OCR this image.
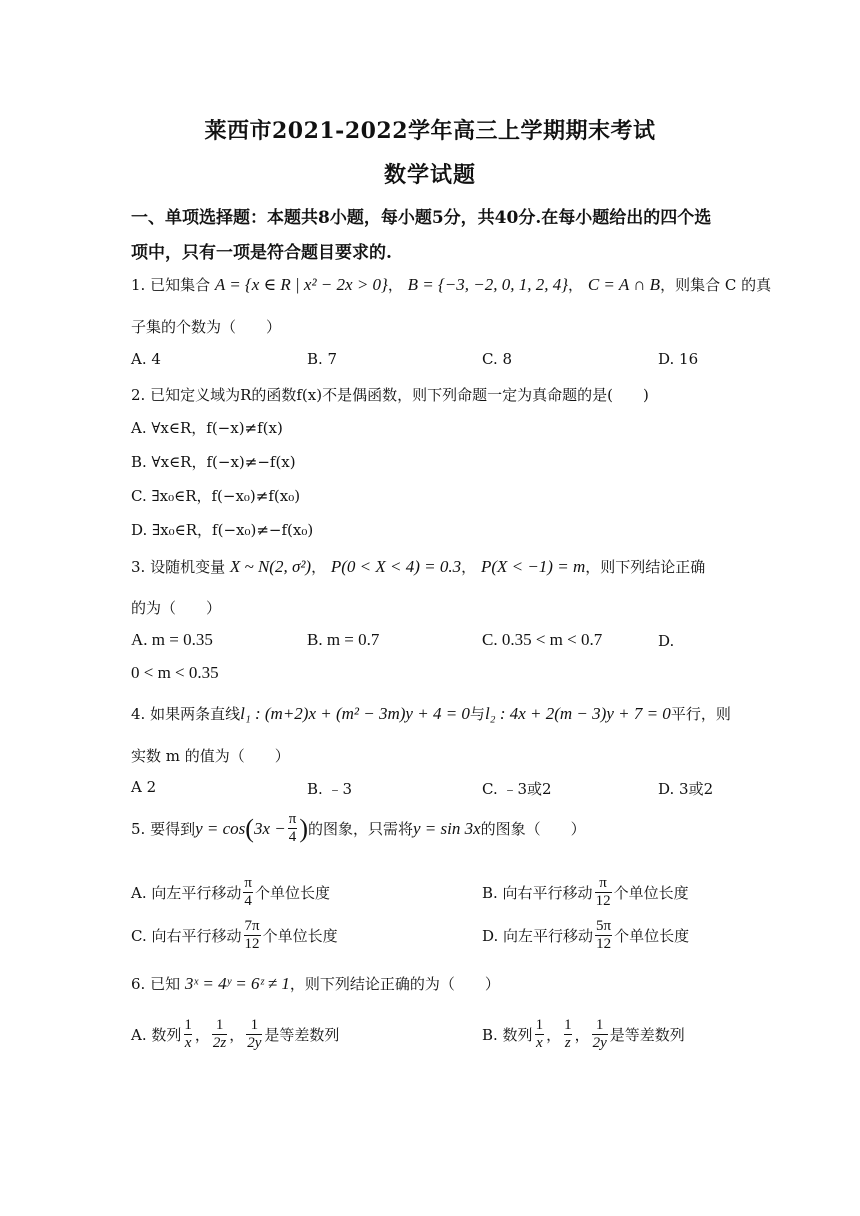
莱西市2021-2022学年高三上学期期末考试
数学试题
一、单项选择题：本题共8小题，每小题5分，共40分.在每小题给出的四个选
项中，只有一项是符合题目要求的.
1. 已知集合 A = {x ∈ R | x² − 2x > 0}， B = {−3, −2, 0, 1, 2, 4}， C = A ∩ B，则集合 C 的真
子集的个数为（　　）
A. 4	B. 7	C. 8	D. 16
2. 已知定义域为R的函数f(x)不是偶函数，则下列命题一定为真命题的是(　　)
A. ∀x∈R，f(−x)≠f(x)
B. ∀x∈R，f(−x)≠−f(x)
C. ∃x₀∈R，f(−x₀)≠f(x₀)
D. ∃x₀∈R，f(−x₀)≠−f(x₀)
3. 设随机变量 X ~ N(2, σ²)， P(0 < X < 4) = 0.3， P(X < −1) = m，则下列结论正确
的为（　　）
A. m = 0.35	B. m = 0.7	C. 0.35 < m < 0.7	D.
0 < m < 0.35
4. 如果两条直线l₁ : (m+2)x + (m² − 3m)y + 4 = 0与l₂ : 4x + 2(m − 3)y + 7 = 0平行，则
实数 m 的值为（　　）
A 2	B. ﹣3	C. ﹣3或2	D. 3或2
5. 要得到 y = cos ( $3x - \frac{\pi}{4}$ ) 的图象，只需将 y = sin 3x 的图象（　　）
A. 向左平行移动 $\frac{\pi}{4}$ 个单位长度	B. 向右平行移动 $\frac{\pi}{12}$ 个单位长度
C. 向右平行移动 $\frac{7\pi}{12}$ 个单位长度	D. 向左平行移动 $\frac{5\pi}{12}$ 个单位长度
6. 已知 3ˣ = 4ʸ = 6ᶻ ≠ 1，则下列结论正确的为（　　）
A. 数列 $\frac{1}{x}$ ， $\frac{1}{2z}$ ， $\frac{1}{2y}$ 是等差数列	B. 数列 $\frac{1}{x}$ ， $\frac{1}{z}$ ， $\frac{1}{2y}$ 是等差数列
